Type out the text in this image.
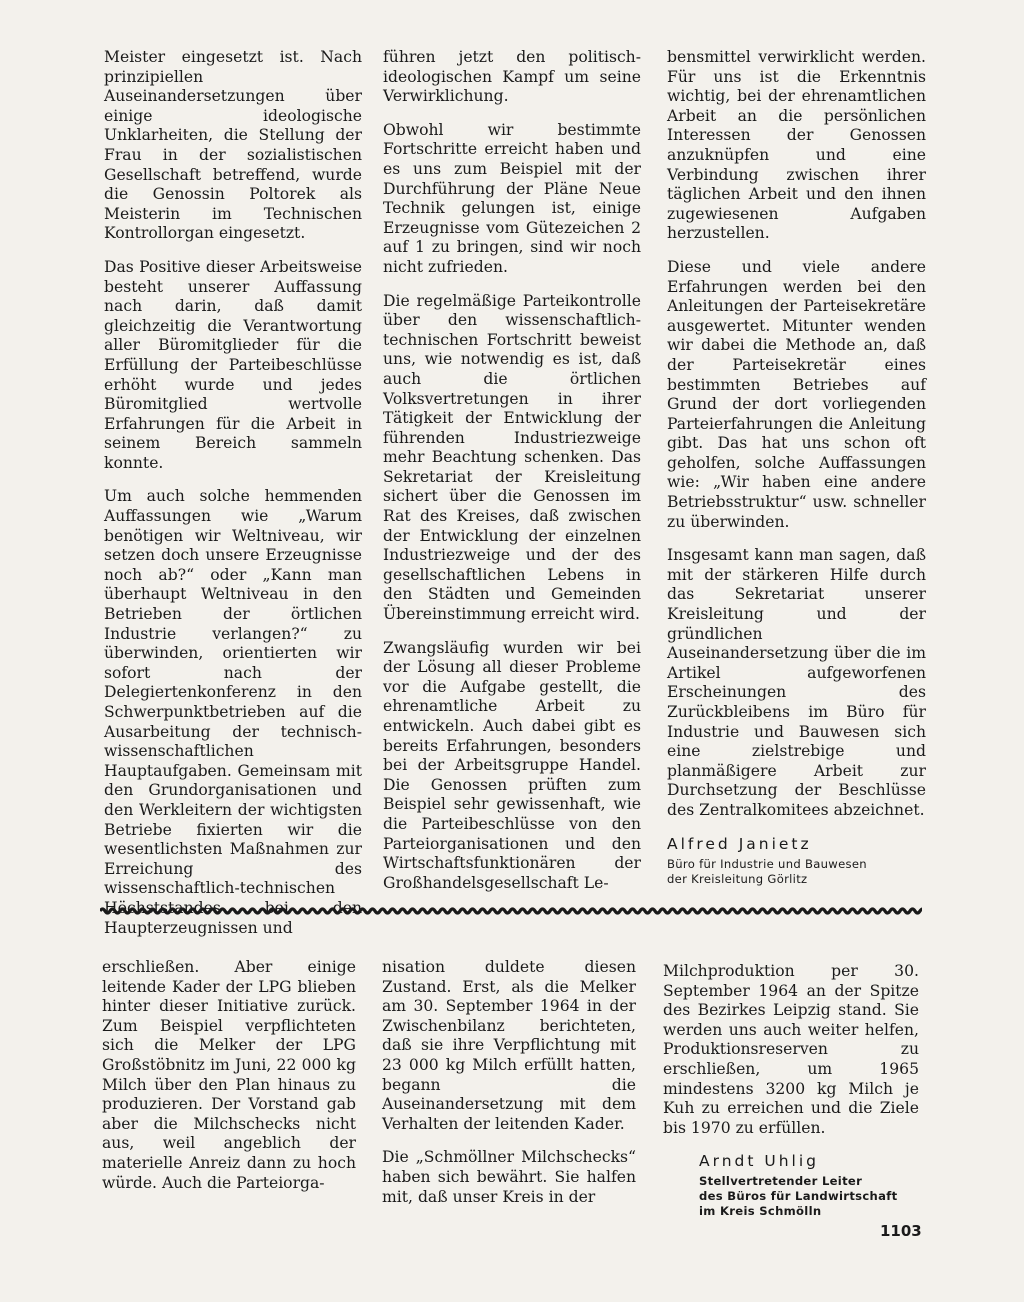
Meister eingesetzt ist. Nach prinzipiellen Auseinandersetzungen über einige ideologische Unklarheiten, die Stellung der Frau in der sozialistischen Gesellschaft betreffend, wurde die Genossin Poltorek als Meisterin im Technischen Kontrollorgan eingesetzt.

Das Positive dieser Arbeitsweise besteht unserer Auffassung nach darin, daß damit gleichzeitig die Verantwortung aller Büromitglieder für die Erfüllung der Parteibeschlüsse erhöht wurde und jedes Büromitglied wertvolle Erfahrungen für die Arbeit in seinem Bereich sammeln konnte.

Um auch solche hemmenden Auffassungen wie „Warum benötigen wir Weltniveau, wir setzen doch unsere Erzeugnisse noch ab?“ oder „Kann man überhaupt Weltniveau in den Betrieben der örtlichen Industrie verlangen?“ zu überwinden, orientierten wir sofort nach der Delegiertenkonferenz in den Schwerpunktbetrieben auf die Ausarbeitung der technisch-wissenschaftlichen Hauptaufgaben. Gemeinsam mit den Grundorganisationen und den Werkleitern der wichtigsten Betriebe fixierten wir die wesentlichsten Maßnahmen zur Erreichung des wissenschaftlich-technischen Höchststandes bei den Haupterzeugnissen und

führen jetzt den politisch-ideologischen Kampf um seine Verwirklichung.

Obwohl wir bestimmte Fortschritte erreicht haben und es uns zum Beispiel mit der Durchführung der Pläne Neue Technik gelungen ist, einige Erzeugnisse vom Gütezeichen 2 auf 1 zu bringen, sind wir noch nicht zufrieden.

Die regelmäßige Parteikontrolle über den wissenschaftlich-technischen Fortschritt beweist uns, wie notwendig es ist, daß auch die örtlichen Volksvertretungen in ihrer Tätigkeit der Entwicklung der führenden Industriezweige mehr Beachtung schenken. Das Sekretariat der Kreisleitung sichert über die Genossen im Rat des Kreises, daß zwischen der Entwicklung der einzelnen Industriezweige und der des gesellschaftlichen Lebens in den Städten und Gemeinden Übereinstimmung erreicht wird.

Zwangsläufig wurden wir bei der Lösung all dieser Probleme vor die Aufgabe gestellt, die ehrenamtliche Arbeit zu entwickeln. Auch dabei gibt es bereits Erfahrungen, besonders bei der Arbeitsgruppe Handel. Die Genossen prüften zum Beispiel sehr gewissenhaft, wie die Parteibeschlüsse von den Parteiorganisationen und den Wirtschaftsfunktionären der Großhandelsgesellschaft Le-

bensmittel verwirklicht werden. Für uns ist die Erkenntnis wichtig, bei der ehrenamtlichen Arbeit an die persönlichen Interessen der Genossen anzuknüpfen und eine Verbindung zwischen ihrer täglichen Arbeit und den ihnen zugewiesenen Aufgaben herzustellen.

Diese und viele andere Erfahrungen werden bei den Anleitungen der Parteisekretäre ausgewertet. Mitunter wenden wir dabei die Methode an, daß der Parteisekretär eines bestimmten Betriebes auf Grund der dort vorliegenden Parteierfahrungen die Anleitung gibt. Das hat uns schon oft geholfen, solche Auffassungen wie: „Wir haben eine andere Betriebsstruktur“ usw. schneller zu überwinden.

Insgesamt kann man sagen, daß mit der stärkeren Hilfe durch das Sekretariat unserer Kreisleitung und der gründlichen Auseinandersetzung über die im Artikel aufgeworfenen Erscheinungen des Zurückbleibens im Büro für Industrie und Bauwesen sich eine zielstrebige und planmäßigere Arbeit zur Durchsetzung der Beschlüsse des Zentralkomitees abzeichnet.

Alfred Janietz
Büro für Industrie und Bauwesen
der Kreisleitung Görlitz

erschließen. Aber einige leitende Kader der LPG blieben hinter dieser Initiative zurück. Zum Beispiel verpflichteten sich die Melker der LPG Großstöbnitz im Juni, 22 000 kg Milch über den Plan hinaus zu produzieren. Der Vorstand gab aber die Milchschecks nicht aus, weil angeblich der materielle Anreiz dann zu hoch würde. Auch die Parteiorga-

nisation duldete diesen Zustand. Erst, als die Melker am 30. September 1964 in der Zwischenbilanz berichteten, daß sie ihre Verpflichtung mit 23 000 kg Milch erfüllt hatten, begann die Auseinandersetzung mit dem Verhalten der leitenden Kader.

Die „Schmöllner Milchschecks“ haben sich bewährt. Sie halfen mit, daß unser Kreis in der

Milchproduktion per 30. September 1964 an der Spitze des Bezirkes Leipzig stand. Sie werden uns auch weiter helfen, Produktionsreserven zu erschließen, um 1965 mindestens 3200 kg Milch je Kuh zu erreichen und die Ziele bis 1970 zu erfüllen.

Arndt Uhlig
Stellvertretender Leiter
des Büros für Landwirtschaft
im Kreis Schmölln
1103
